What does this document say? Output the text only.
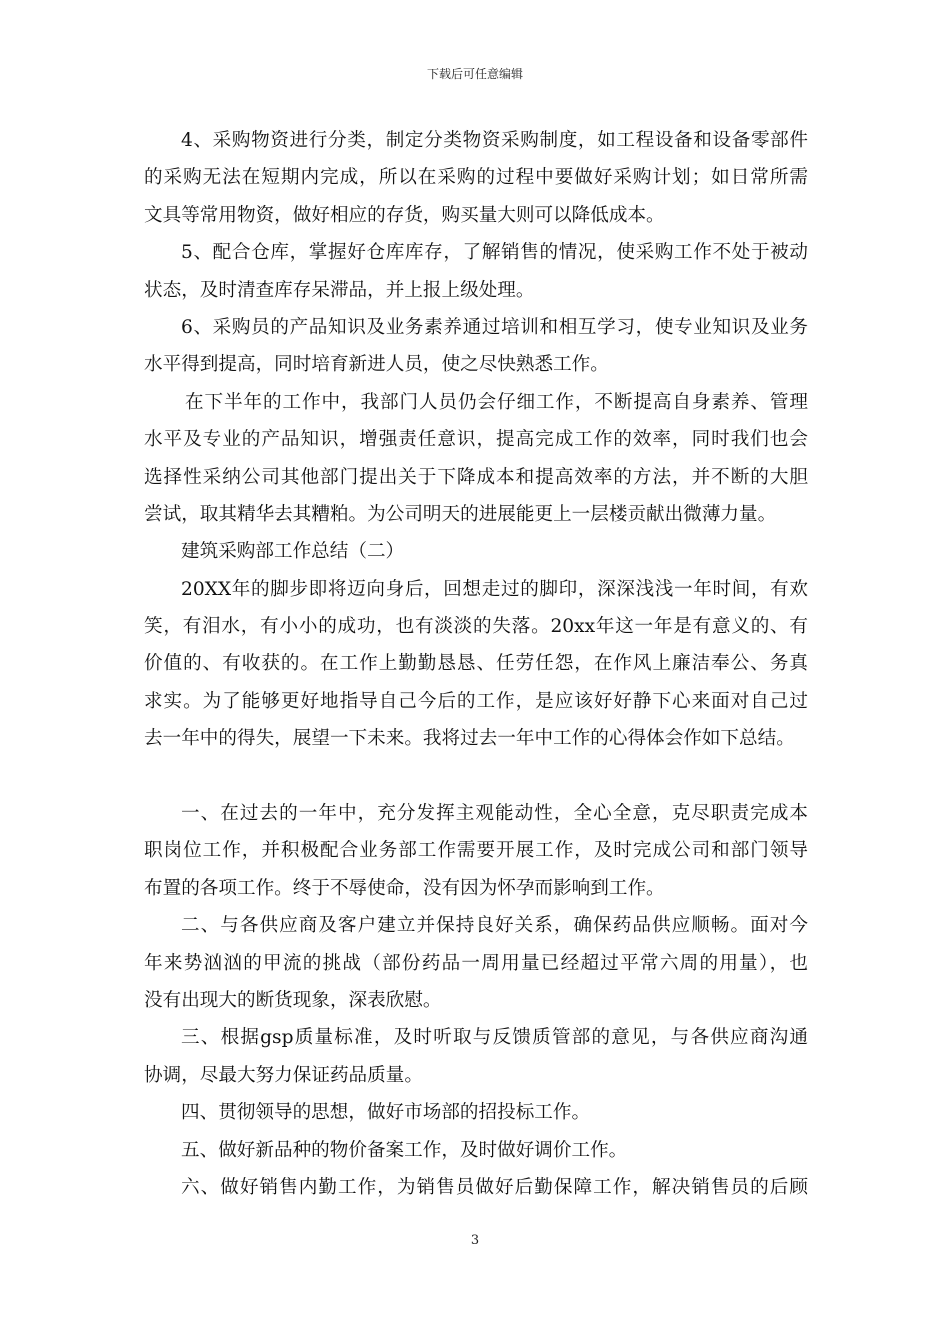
下载后可任意编辑
4、采购物资进行分类，制定分类物资采购制度，如工程设备和设备零部件
的采购无法在短期内完成，所以在采购的过程中要做好采购计划；如日常所需
文具等常用物资，做好相应的存货，购买量大则可以降低成本。
5、配合仓库，掌握好仓库库存，了解销售的情况，使采购工作不处于被动
状态，及时清查库存呆滞品，并上报上级处理。
6、采购员的产品知识及业务素养通过培训和相互学习，使专业知识及业务
水平得到提高，同时培育新进人员，使之尽快熟悉工作。
在下半年的工作中，我部门人员仍会仔细工作，不断提高自身素养、管理
水平及专业的产品知识，增强责任意识，提高完成工作的效率，同时我们也会
选择性采纳公司其他部门提出关于下降成本和提高效率的方法，并不断的大胆
尝试，取其精华去其糟粕。为公司明天的进展能更上一层楼贡献出微薄力量。
建筑采购部工作总结（二）
20XX年的脚步即将迈向身后，回想走过的脚印，深深浅浅一年时间，有欢
笑，有泪水，有小小的成功，也有淡淡的失落。20xx年这一年是有意义的、有
价值的、有收获的。在工作上勤勤恳恳、任劳任怨，在作风上廉洁奉公、务真
求实。为了能够更好地指导自己今后的工作，是应该好好静下心来面对自己过
去一年中的得失，展望一下未来。我将过去一年中工作的心得体会作如下总结。
一、在过去的一年中，充分发挥主观能动性，全心全意，克尽职责完成本
职岗位工作，并积极配合业务部工作需要开展工作，及时完成公司和部门领导
布置的各项工作。终于不辱使命，没有因为怀孕而影响到工作。
二、与各供应商及客户建立并保持良好关系，确保药品供应顺畅。面对今
年来势汹汹的甲流的挑战（部份药品一周用量已经超过平常六周的用量），也
没有出现大的断货现象，深表欣慰。
三、根据gsp质量标准，及时听取与反馈质管部的意见，与各供应商沟通
协调，尽最大努力保证药品质量。
四、贯彻领导的思想，做好市场部的招投标工作。
五、做好新品种的物价备案工作，及时做好调价工作。
六、做好销售内勤工作，为销售员做好后勤保障工作，解决销售员的后顾
3
